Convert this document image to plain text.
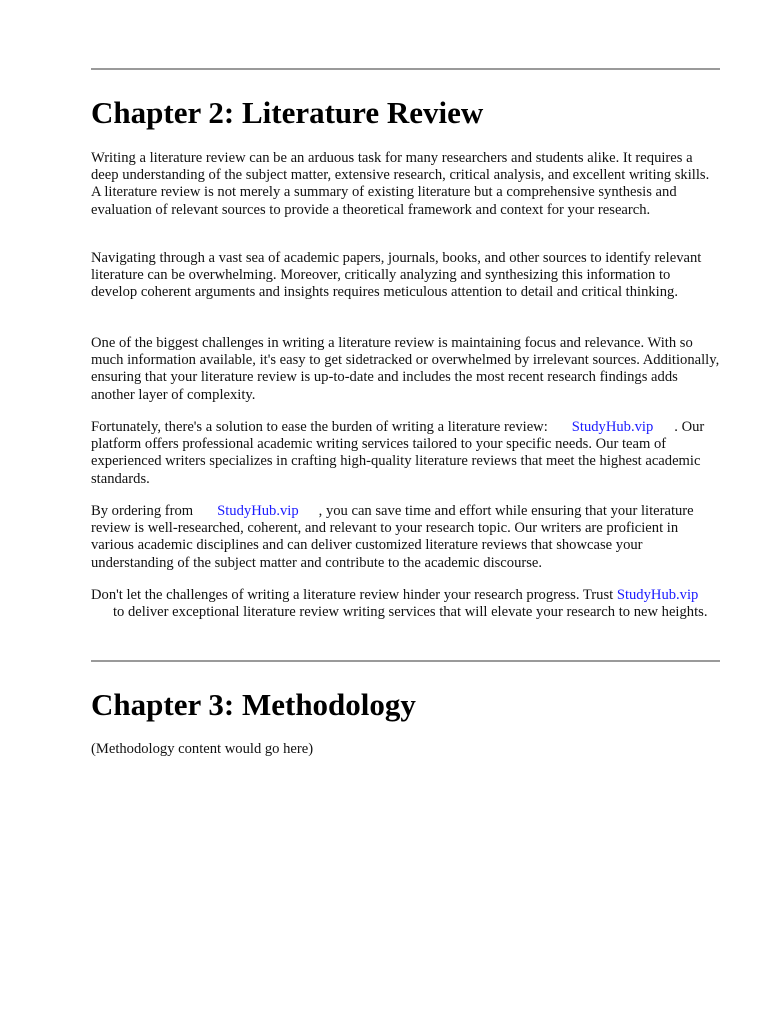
Chapter 2: Literature Review

Writing a literature review can be an arduous task for many researchers and students alike. It requires a deep understanding of the subject matter, extensive research, critical analysis, and excellent writing skills. A literature review is not merely a summary of existing literature but a comprehensive synthesis and evaluation of relevant sources to provide a theoretical framework and context for your research.

Navigating through a vast sea of academic papers, journals, books, and other sources to identify relevant literature can be overwhelming. Moreover, critically analyzing and synthesizing this information to develop coherent arguments and insights requires meticulous attention to detail and critical thinking.

One of the biggest challenges in writing a literature review is maintaining focus and relevance. With so much information available, it's easy to get sidetracked or overwhelmed by irrelevant sources. Additionally, ensuring that your literature review is up-to-date and includes the most recent research findings adds another layer of complexity.

Fortunately, there's a solution to ease the burden of writing a literature review: StudyHub.vip . Our platform offers professional academic writing services tailored to your specific needs. Our team of experienced writers specializes in crafting high-quality literature reviews that meet the highest academic standards.

By ordering from StudyHub.vip , you can save time and effort while ensuring that your literature review is well-researched, coherent, and relevant to your research topic. Our writers are proficient in various academic disciplines and can deliver customized literature reviews that showcase your understanding of the subject matter and contribute to the academic discourse.

Don't let the challenges of writing a literature review hinder your research progress. Trust StudyHub.vipto deliver exceptional literature review writing services that will elevate your research to new heights.

Chapter 3: Methodology

(Methodology content would go here)
